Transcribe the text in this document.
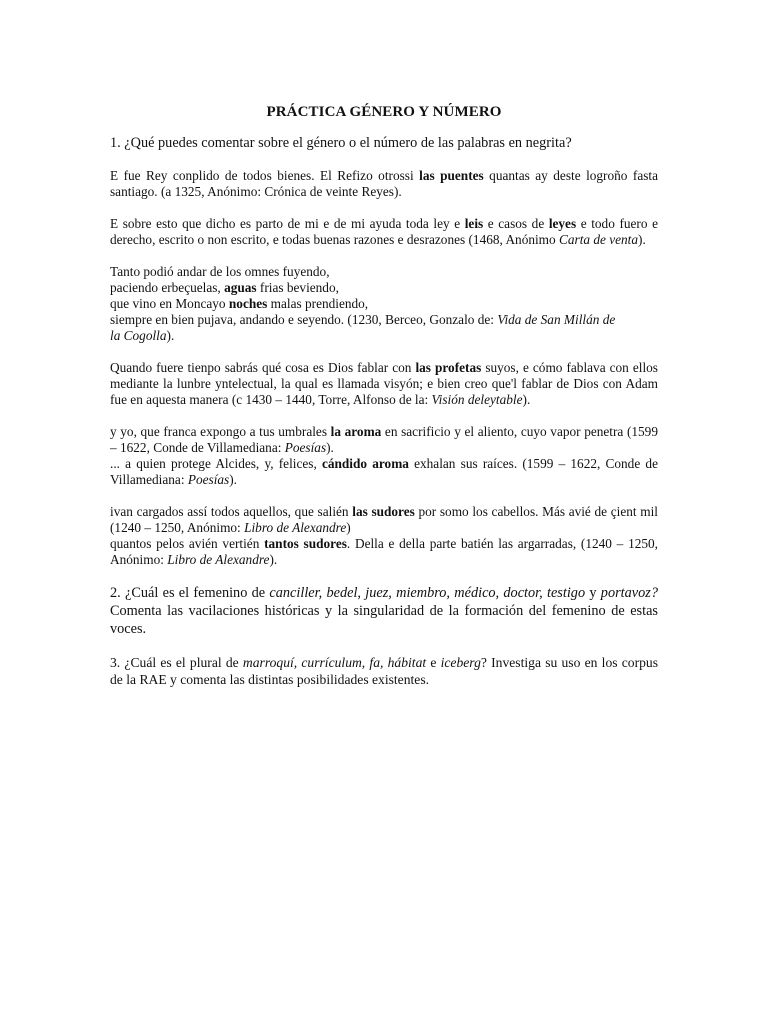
PRÁCTICA GÉNERO Y NÚMERO

1. ¿Qué puedes comentar sobre el género o el número de las palabras en negrita?

E fue Rey conplido de todos bienes. El Refizo otrossi las puentes quantas ay deste logroño fasta santiago. (a 1325, Anónimo: Crónica de veinte Reyes).

E sobre esto que dicho es parto de mi e de mi ayuda toda ley e leis e casos de leyes e todo fuero e derecho, escrito o non escrito, e todas buenas razones e desrazones (1468, Anónimo Carta de venta).

Tanto podió andar de los omnes fuyendo,
paciendo erbeçuelas, aguas frias beviendo,
que vino en Moncayo noches malas prendiendo,
siempre en bien pujava, andando e seyendo. (1230, Berceo, Gonzalo de: Vida de San Millán de
la Cogolla).

Quando fuere tienpo sabrás qué cosa es Dios fablar con las profetas suyos, e cómo fablava con ellos mediante la lunbre yntelectual, la qual es llamada visyón; e bien creo que'l fablar de Dios con Adam fue en aquesta manera (c 1430 – 1440, Torre, Alfonso de la: Visión deleytable).

y yo, que franca expongo a tus umbrales la aroma en sacrificio y el aliento, cuyo vapor penetra (1599 – 1622, Conde de Villamediana: Poesías).
... a quien protege Alcides, y, felices, cándido aroma exhalan sus raíces. (1599 – 1622, Conde de Villamediana: Poesías).
ivan cargados assí todos aquellos, que salién las sudores por somo los cabellos. Más avié de çient mil (1240 – 1250, Anónimo: Libro de Alexandre)
quantos pelos avién vertién tantos sudores. Della e della parte batién las argarradas, (1240 – 1250, Anónimo: Libro de Alexandre).

2. ¿Cuál es el femenino de canciller, bedel, juez, miembro, médico, doctor, testigo y portavoz? Comenta las vacilaciones históricas y la singularidad de la formación del femenino de estas voces.

3. ¿Cuál es el plural de marroquí, currículum, fa, hábitat e iceberg? Investiga su uso en los corpus de la RAE y comenta las distintas posibilidades existentes.
